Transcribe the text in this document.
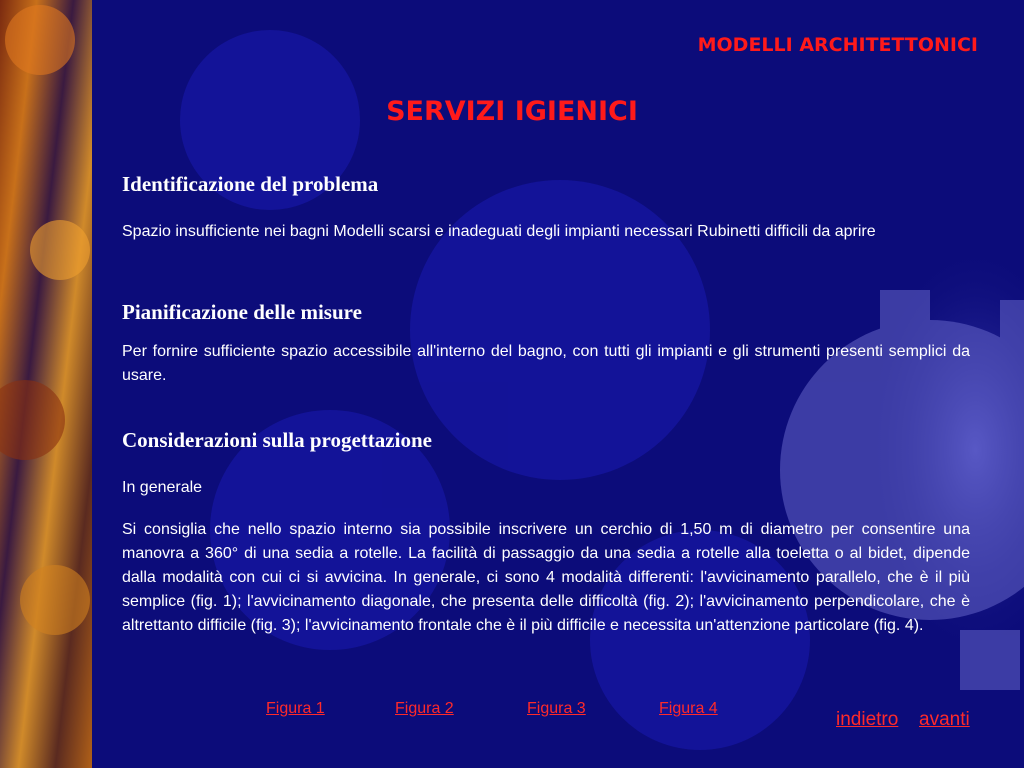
MODELLI ARCHITETTONICI
SERVIZI IGIENICI
Identificazione del problema
Spazio insufficiente nei bagni Modelli scarsi e inadeguati degli impianti necessari Rubinetti difficili da aprire
Pianificazione delle misure
Per fornire sufficiente spazio accessibile all'interno del bagno, con tutti gli impianti e gli strumenti presenti semplici da usare.
Considerazioni sulla progettazione
In generale
Si consiglia che nello spazio interno sia possibile inscrivere un cerchio di 1,50 m di diametro per consentire una manovra a 360° di una sedia a rotelle. La facilità di passaggio da una sedia a rotelle alla toeletta o al bidet, dipende dalla modalità con cui ci si avvicina. In generale, ci sono 4 modalità differenti: l'avvicinamento parallelo, che è il più semplice (fig. 1); l'avvicinamento diagonale, che presenta delle difficoltà (fig. 2); l'avvicinamento perpendicolare, che è altrettanto difficile (fig. 3); l'avvicinamento frontale che è il più difficile e necessita un'attenzione particolare (fig. 4).
Figura 1	Figura 2	Figura 3	Figura 4
indietro avanti
